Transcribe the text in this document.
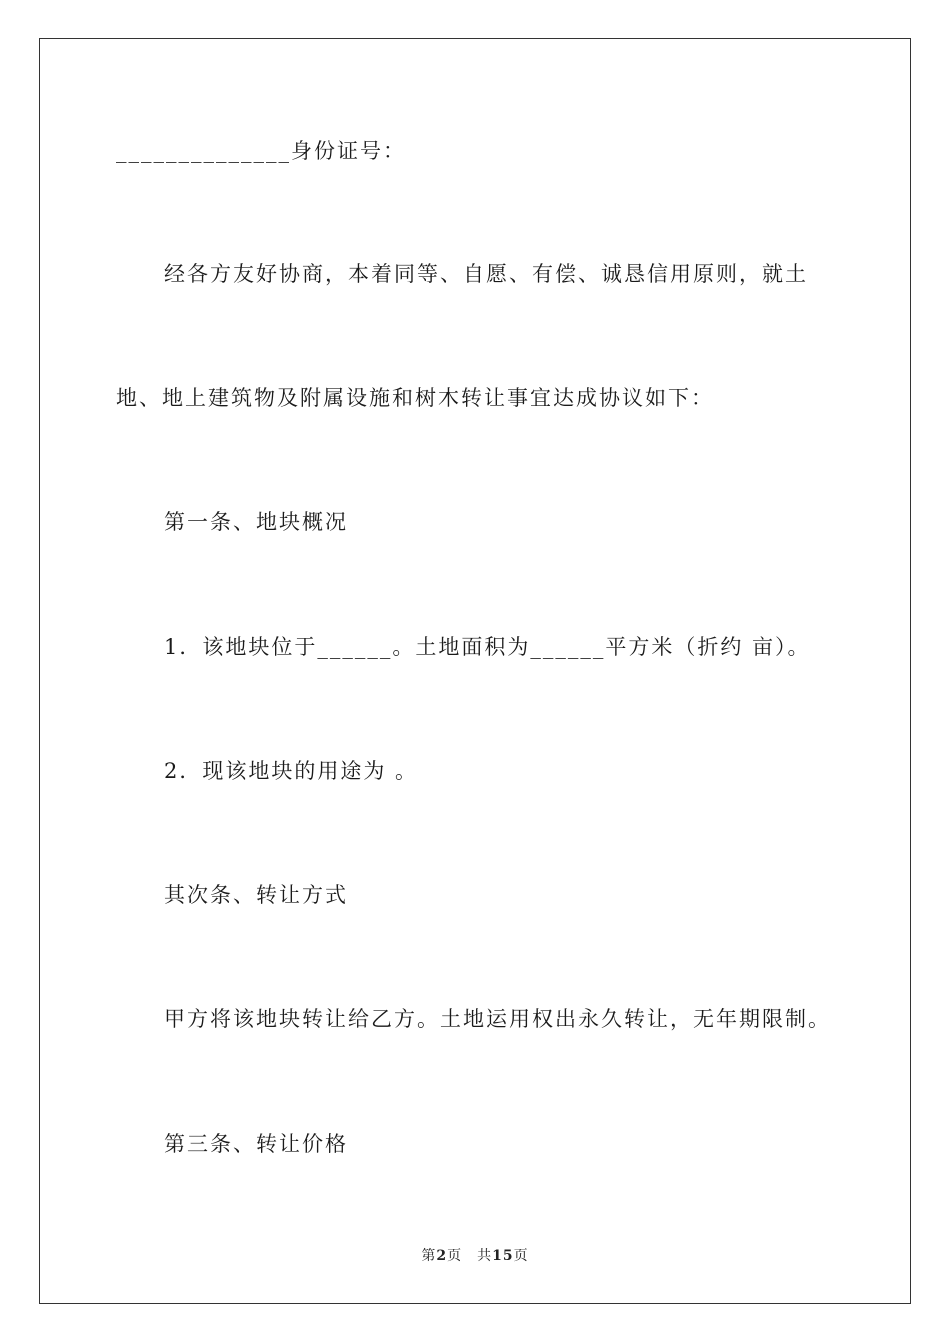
______________身份证号：
经各方友好协商，本着同等、自愿、有偿、诚恳信用原则，就土
地、地上建筑物及附属设施和树木转让事宜达成协议如下：
第一条、地块概况
1．该地块位于______。土地面积为______平方米（折约 亩）。
2．现该地块的用途为 。
其次条、转让方式
甲方将该地块转让给乙方。土地运用权出永久转让，无年期限制。
第三条、转让价格
第2页　共15页
